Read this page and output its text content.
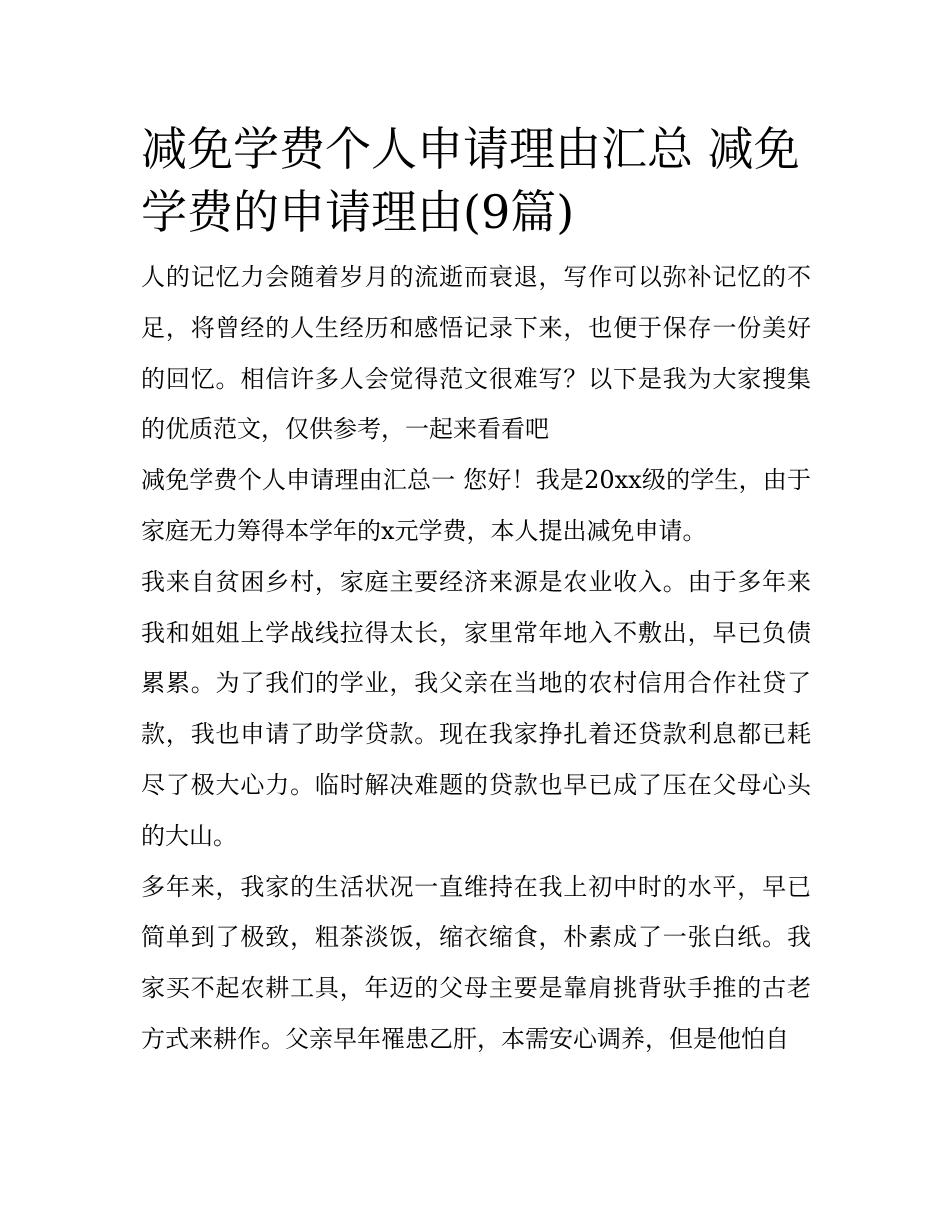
减免学费个人申请理由汇总 减免学费的申请理由(9篇)

人的记忆力会随着岁月的流逝而衰退，写作可以弥补记忆的不足，将曾经的人生经历和感悟记录下来，也便于保存一份美好的回忆。相信许多人会觉得范文很难写？以下是我为大家搜集的优质范文，仅供参考，一起来看看吧

减免学费个人申请理由汇总一 您好！我是20xx级的学生，由于家庭无力筹得本学年的x元学费，本人提出减免申请。

我来自贫困乡村，家庭主要经济来源是农业收入。由于多年来我和姐姐上学战线拉得太长，家里常年地入不敷出，早已负债累累。为了我们的学业，我父亲在当地的农村信用合作社贷了款，我也申请了助学贷款。现在我家挣扎着还贷款利息都已耗尽了极大心力。临时解决难题的贷款也早已成了压在父母心头的大山。

多年来，我家的生活状况一直维持在我上初中时的水平，早已简单到了极致，粗茶淡饭，缩衣缩食，朴素成了一张白纸。我家买不起农耕工具，年迈的父母主要是靠肩挑背驮手推的古老方式来耕作。父亲早年罹患乙肝，本需安心调养，但是他怕自
